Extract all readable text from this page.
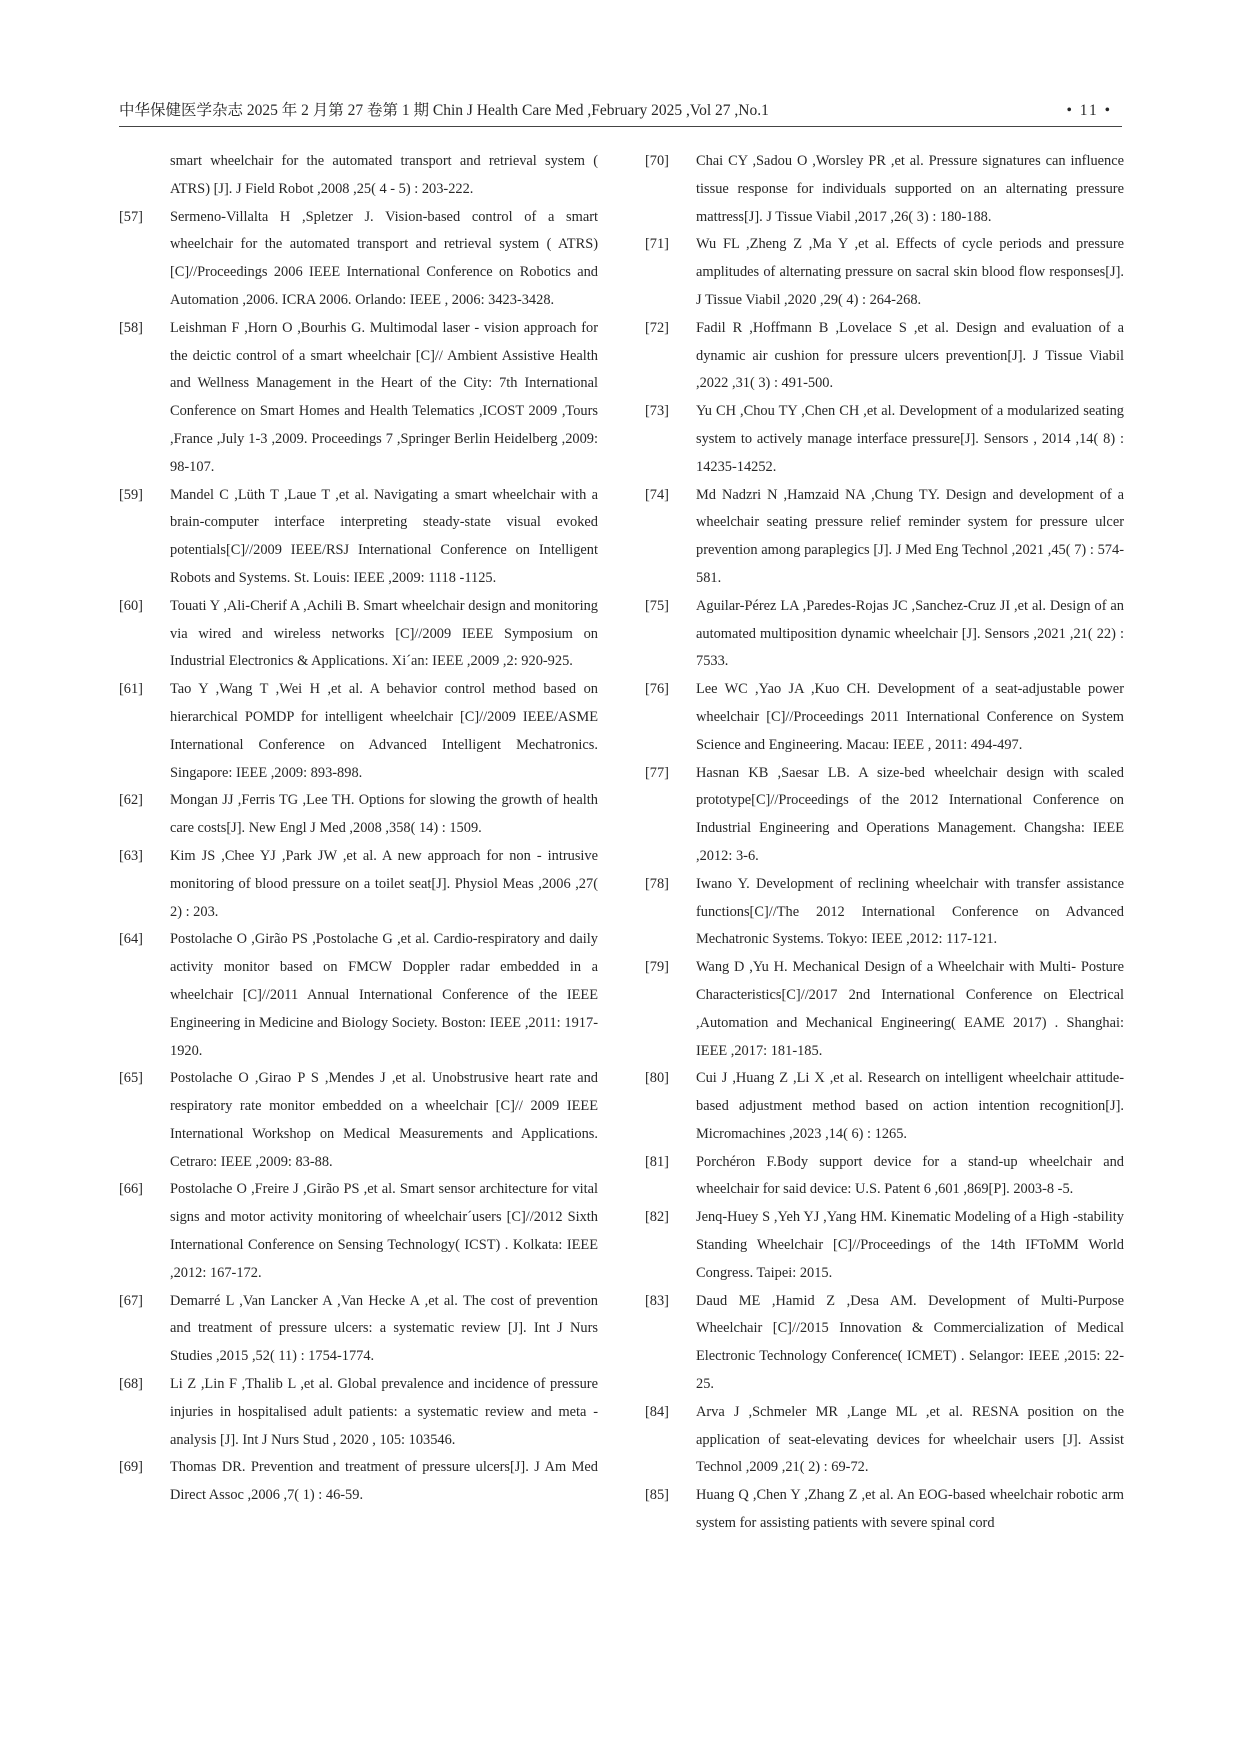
中华保健医学杂志 2025 年 2 月第 27 卷第 1 期 Chin J Health Care Med ,February 2025 ,Vol 27 ,No.1	• 11 •

smart wheelchair for the automated transport and retrieval system ( ATRS) [J]. J Field Robot ,2008 ,25( 4 - 5) : 203-222.

[57] Sermeno-Villalta H ,Spletzer J. Vision-based control of a smart wheelchair for the automated transport and retrieval system ( ATRS) [C]//Proceedings 2006 IEEE International Conference on Robotics and Automation ,2006. ICRA 2006. Orlando: IEEE , 2006: 3423-3428.

[58] Leishman F ,Horn O ,Bourhis G. Multimodal laser - vision approach for the deictic control of a smart wheelchair [C]// Ambient Assistive Health and Wellness Management in the Heart of the City: 7th International Conference on Smart Homes and Health Telematics ,ICOST 2009 ,Tours ,France ,July 1-3 ,2009. Proceedings 7 ,Springer Berlin Heidelberg ,2009: 98-107.

[59] Mandel C ,Lüth T ,Laue T ,et al. Navigating a smart wheelchair with a brain-computer interface interpreting steady-state visual evoked potentials[C]//2009 IEEE/RSJ International Conference on Intelligent Robots and Systems. St. Louis: IEEE ,2009: 1118 -1125.

[60] Touati Y ,Ali-Cherif A ,Achili B. Smart wheelchair design and monitoring via wired and wireless networks [C]//2009 IEEE Symposium on Industrial Electronics & Applications. Xi´an: IEEE ,2009 ,2: 920-925.

[61] Tao Y ,Wang T ,Wei H ,et al. A behavior control method based on hierarchical POMDP for intelligent wheelchair [C]//2009 IEEE/ASME International Conference on Advanced Intelligent Mechatronics. Singapore: IEEE ,2009: 893-898.

[62] Mongan JJ ,Ferris TG ,Lee TH. Options for slowing the growth of health care costs[J]. New Engl J Med ,2008 ,358( 14) : 1509.

[63] Kim JS ,Chee YJ ,Park JW ,et al. A new approach for non - intrusive monitoring of blood pressure on a toilet seat[J]. Physiol Meas ,2006 ,27( 2) : 203.

[64] Postolache O ,Girão PS ,Postolache G ,et al. Cardio-respiratory and daily activity monitor based on FMCW Doppler radar embedded in a wheelchair [C]//2011 Annual International Conference of the IEEE Engineering in Medicine and Biology Society. Boston: IEEE ,2011: 1917-1920.

[65] Postolache O ,Girao P S ,Mendes J ,et al. Unobstrusive heart rate and respiratory rate monitor embedded on a wheelchair [C]// 2009 IEEE International Workshop on Medical Measurements and Applications. Cetraro: IEEE ,2009: 83-88.

[66] Postolache O ,Freire J ,Girão PS ,et al. Smart sensor architecture for vital signs and motor activity monitoring of wheelchair´users [C]//2012 Sixth International Conference on Sensing Technology( ICST) . Kolkata: IEEE ,2012: 167-172.

[67] Demarré L ,Van Lancker A ,Van Hecke A ,et al. The cost of prevention and treatment of pressure ulcers: a systematic review [J]. Int J Nurs Studies ,2015 ,52( 11) : 1754-1774.

[68] Li Z ,Lin F ,Thalib L ,et al. Global prevalence and incidence of pressure injuries in hospitalised adult patients: a systematic review and meta - analysis [J]. Int J Nurs Stud , 2020 , 105: 103546.

[69] Thomas DR. Prevention and treatment of pressure ulcers[J]. J Am Med Direct Assoc ,2006 ,7( 1) : 46-59.

[70] Chai CY ,Sadou O ,Worsley PR ,et al. Pressure signatures can influence tissue response for individuals supported on an alternating pressure mattress[J]. J Tissue Viabil ,2017 ,26( 3) : 180-188.

[71] Wu FL ,Zheng Z ,Ma Y ,et al. Effects of cycle periods and pressure amplitudes of alternating pressure on sacral skin blood flow responses[J]. J Tissue Viabil ,2020 ,29( 4) : 264-268.

[72] Fadil R ,Hoffmann B ,Lovelace S ,et al. Design and evaluation of a dynamic air cushion for pressure ulcers prevention[J]. J Tissue Viabil ,2022 ,31( 3) : 491-500.

[73] Yu CH ,Chou TY ,Chen CH ,et al. Development of a modularized seating system to actively manage interface pressure[J]. Sensors , 2014 ,14( 8) : 14235-14252.

[74] Md Nadzri N ,Hamzaid NA ,Chung TY. Design and development of a wheelchair seating pressure relief reminder system for pressure ulcer prevention among paraplegics [J]. J Med Eng Technol ,2021 ,45( 7) : 574-581.

[75] Aguilar-Pérez LA ,Paredes-Rojas JC ,Sanchez-Cruz JI ,et al. Design of an automated multiposition dynamic wheelchair [J]. Sensors ,2021 ,21( 22) : 7533.

[76] Lee WC ,Yao JA ,Kuo CH. Development of a seat-adjustable power wheelchair [C]//Proceedings 2011 International Conference on System Science and Engineering. Macau: IEEE , 2011: 494-497.

[77] Hasnan KB ,Saesar LB. A size-bed wheelchair design with scaled prototype[C]//Proceedings of the 2012 International Conference on Industrial Engineering and Operations Management. Changsha: IEEE ,2012: 3-6.

[78] Iwano Y. Development of reclining wheelchair with transfer assistance functions[C]//The 2012 International Conference on Advanced Mechatronic Systems. Tokyo: IEEE ,2012: 117-121.

[79] Wang D ,Yu H. Mechanical Design of a Wheelchair with Multi- Posture Characteristics[C]//2017 2nd International Conference on Electrical ,Automation and Mechanical Engineering( EAME 2017) . Shanghai: IEEE ,2017: 181-185.

[80] Cui J ,Huang Z ,Li X ,et al. Research on intelligent wheelchair attitude-based adjustment method based on action intention recognition[J]. Micromachines ,2023 ,14( 6) : 1265.

[81] Porchéron F.Body support device for a stand-up wheelchair and wheelchair for said device: U.S. Patent 6 ,601 ,869[P]. 2003-8 -5.

[82] Jenq-Huey S ,Yeh YJ ,Yang HM. Kinematic Modeling of a High -stability Standing Wheelchair [C]//Proceedings of the 14th IFToMM World Congress. Taipei: 2015.

[83] Daud ME ,Hamid Z ,Desa AM. Development of Multi-Purpose Wheelchair [C]//2015 Innovation & Commercialization of Medical Electronic Technology Conference( ICMET) . Selangor: IEEE ,2015: 22-25.

[84] Arva J ,Schmeler MR ,Lange ML ,et al. RESNA position on the application of seat-elevating devices for wheelchair users [J]. Assist Technol ,2009 ,21( 2) : 69-72.

[85] Huang Q ,Chen Y ,Zhang Z ,et al. An EOG-based wheelchair robotic arm system for assisting patients with severe spinal cord
